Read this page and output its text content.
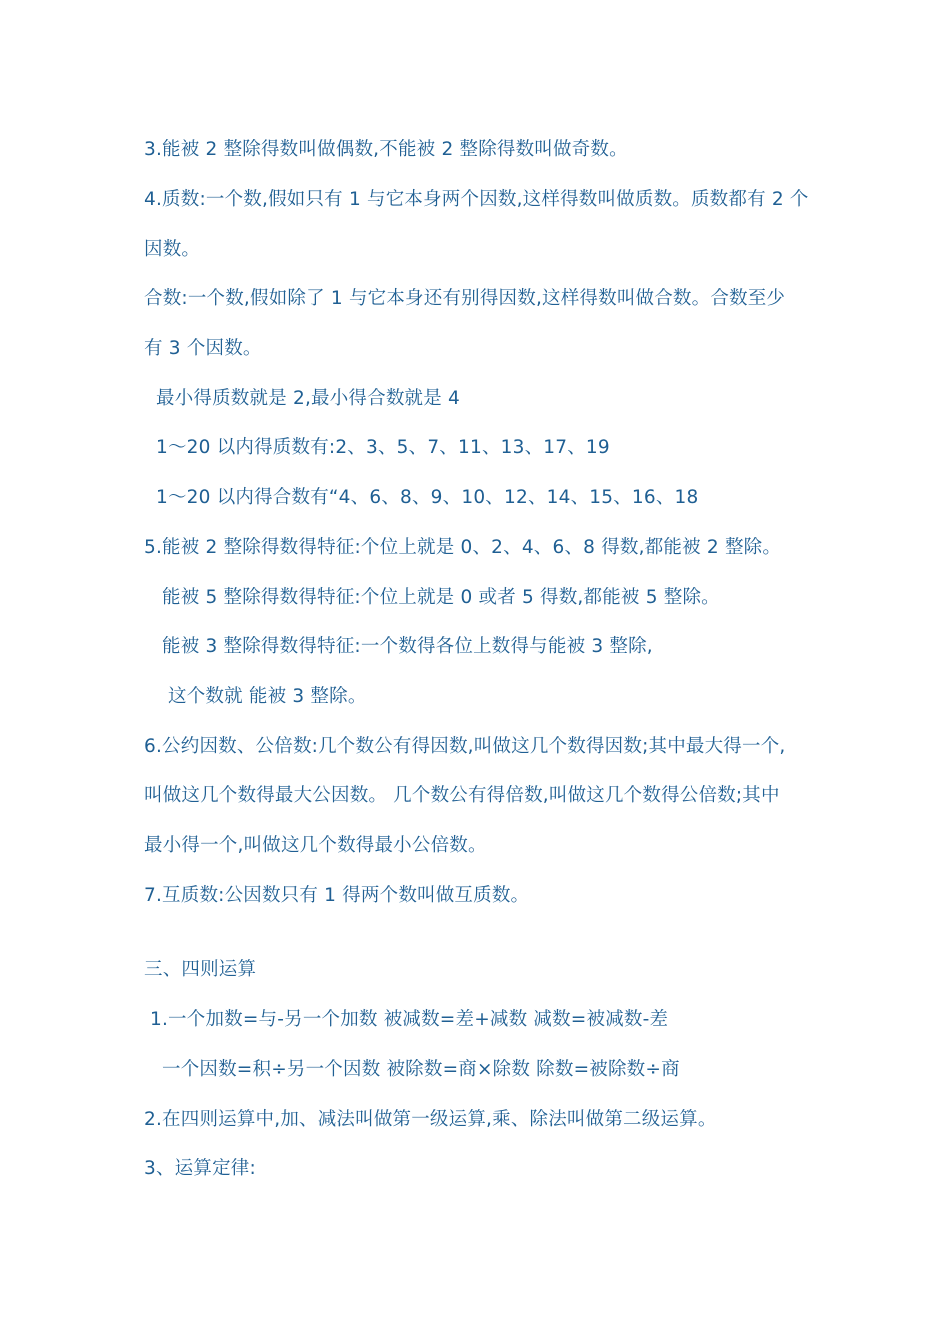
3.能被 2 整除得数叫做偶数,不能被 2 整除得数叫做奇数。
4.质数:一个数,假如只有 1 与它本身两个因数,这样得数叫做质数。质数都有 2 个
因数。
合数:一个数,假如除了 1 与它本身还有别得因数,这样得数叫做合数。合数至少
有 3 个因数。
最小得质数就是 2,最小得合数就是 4
1～20 以内得质数有:2、3、5、7、11、13、17、19
1～20 以内得合数有“4、6、8、9、10、12、14、15、16、18
5.能被 2 整除得数得特征:个位上就是 0、2、4、6、8 得数,都能被 2 整除。
能被 5 整除得数得特征:个位上就是 0 或者 5 得数,都能被 5 整除。
能被 3 整除得数得特征:一个数得各位上数得与能被 3 整除,
这个数就 能被 3 整除。
6.公约因数、公倍数:几个数公有得因数,叫做这几个数得因数;其中最大得一个,
叫做这几个数得最大公因数。 几个数公有得倍数,叫做这几个数得公倍数;其中
最小得一个,叫做这几个数得最小公倍数。
7.互质数:公因数只有 1 得两个数叫做互质数。
三、四则运算
1.一个加数=与-另一个加数 被减数=差+减数 减数=被减数-差
一个因数=积÷另一个因数 被除数=商×除数 除数=被除数÷商
2.在四则运算中,加、减法叫做第一级运算,乘、除法叫做第二级运算。
3、运算定律:
